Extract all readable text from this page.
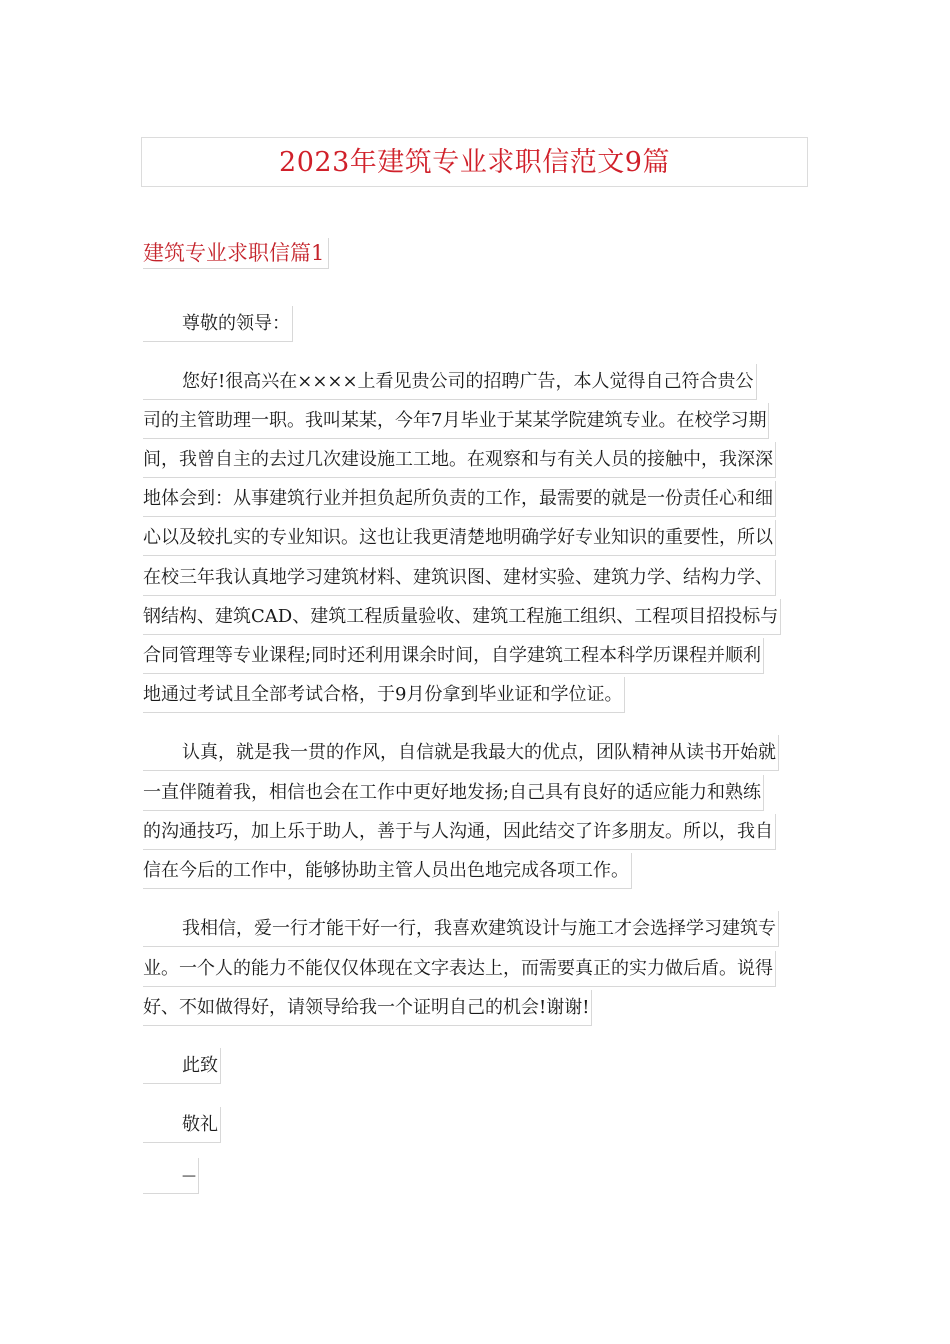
2023年建筑专业求职信范文9篇
建筑专业求职信篇1
尊敬的领导：
您好!很高兴在××××上看见贵公司的招聘广告，本人觉得自己符合贵公
司的主管助理一职。我叫某某，今年7月毕业于某某学院建筑专业。在校学习期
间，我曾自主的去过几次建设施工工地。在观察和与有关人员的接触中，我深深
地体会到：从事建筑行业并担负起所负责的工作，最需要的就是一份责任心和细
心以及较扎实的专业知识。这也让我更清楚地明确学好专业知识的重要性，所以
在校三年我认真地学习建筑材料、建筑识图、建材实验、建筑力学、结构力学、
钢结构、建筑CAD、建筑工程质量验收、建筑工程施工组织、工程项目招投标与
合同管理等专业课程;同时还利用课余时间，自学建筑工程本科学历课程并顺利
地通过考试且全部考试合格，于9月份拿到毕业证和学位证。
认真，就是我一贯的作风，自信就是我最大的优点，团队精神从读书开始就
一直伴随着我，相信也会在工作中更好地发扬;自己具有良好的适应能力和熟练
的沟通技巧，加上乐于助人，善于与人沟通，因此结交了许多朋友。所以，我自
信在今后的工作中，能够协助主管人员出色地完成各项工作。
我相信，爱一行才能干好一行，我喜欢建筑设计与施工才会选择学习建筑专
业。一个人的能力不能仅仅体现在文字表达上，而需要真正的实力做后盾。说得
好、不如做得好，请领导给我一个证明自己的机会!谢谢!
此致
敬礼
—
